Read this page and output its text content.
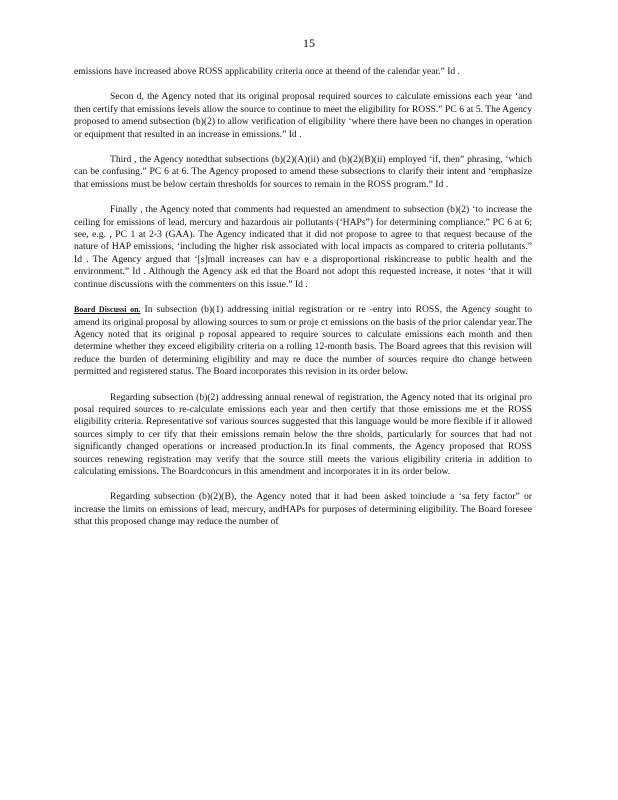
15

emissions have increased above ROSS applicability criteria once at theend of the calendar year.” Id .

Secon d, the Agency noted that its original proposal required sources to calculate emissions each year ‘and then certify that emissions levels allow the source to continue to meet the eligibility for ROSS.” PC 6 at 5. The Agency proposed to amend subsection (b)(2) to allow verification of eligibility ‘where there have been no changes in operation or equipment that resulted in an increase in emissions.” Id .

Third , the Agency notedthat subsections (b)(2)(A)(ii) and (b)(2)(B)(ii) employed ‘if, then” phrasing, ‘which can be confusing.” PC 6 at 6. The Agency proposed to amend these subsections to clarify their intent and ‘emphasize that emissions must be below certain thresholds for sources to remain in the ROSS program.” Id .

Finally , the Agency noted that comments had requested an amendment to subsection (b)(2) ‘to increase the ceiling for emissions of lead, mercury and hazardous air pollutants (‘HAPs”) for determining compliance.” PC 6 at 6; see, e.g. , PC 1 at 2-3 (GAA). The Agency indicated that it did not propose to agree to that request because of the nature of HAP emissions, ‘including the higher risk associated with local impacts as compared to criteria pollutants.” Id . The Agency argued that ‘[s]mall increases can hav e a disproportional riskincrease to public health and the environment.” Id . Although the Agency ask ed that the Board not adopt this requested increase, it notes ‘that it will continue discussions with the commenters on this issue.” Id .

Board Discussi on. In subsection (b)(1) addressing initial registration or re -entry into ROSS, the Agency sought to amend its original proposal by allowing sources to sum or proje ct emissions on the basis of the prior calendar year.The Agency noted that its original p roposal appeared to require sources to calculate emissions each month and then determine whether they exceed eligibility criteria on a rolling 12-month basis. The Board agrees that this revision will reduce the burden of determining eligibility and may re duce the number of sources require dto change between permitted and registered status. The Board incorporates this revision in its order below.

Regarding subsection (b)(2) addressing annual renewal of registration, the Agency noted that its original pro posal required sources to re-calculate emissions each year and then certify that those emissions me et the ROSS eligibility criteria. Representative sof various sources suggested that this language would be more flexible if it allowed sources simply to cer tify that their emissions remain below the thre sholds, particularly for sources that had not significantly changed operations or increased production.In its final comments, the Agency proposed that ROSS sources renewing registration may verify that the source still meets the various eligibility criteria in addition to calculating emissions. The Boardconcurs in this amendment and incorporates it in its order below.

Regarding subsection (b)(2)(B), the Agency noted that it had been asked toinclude a ‘sa fety factor” or increase the limits on emissions of lead, mercury, andHAPs for purposes of determining eligibility. The Board foresee sthat this proposed change may reduce the number of
